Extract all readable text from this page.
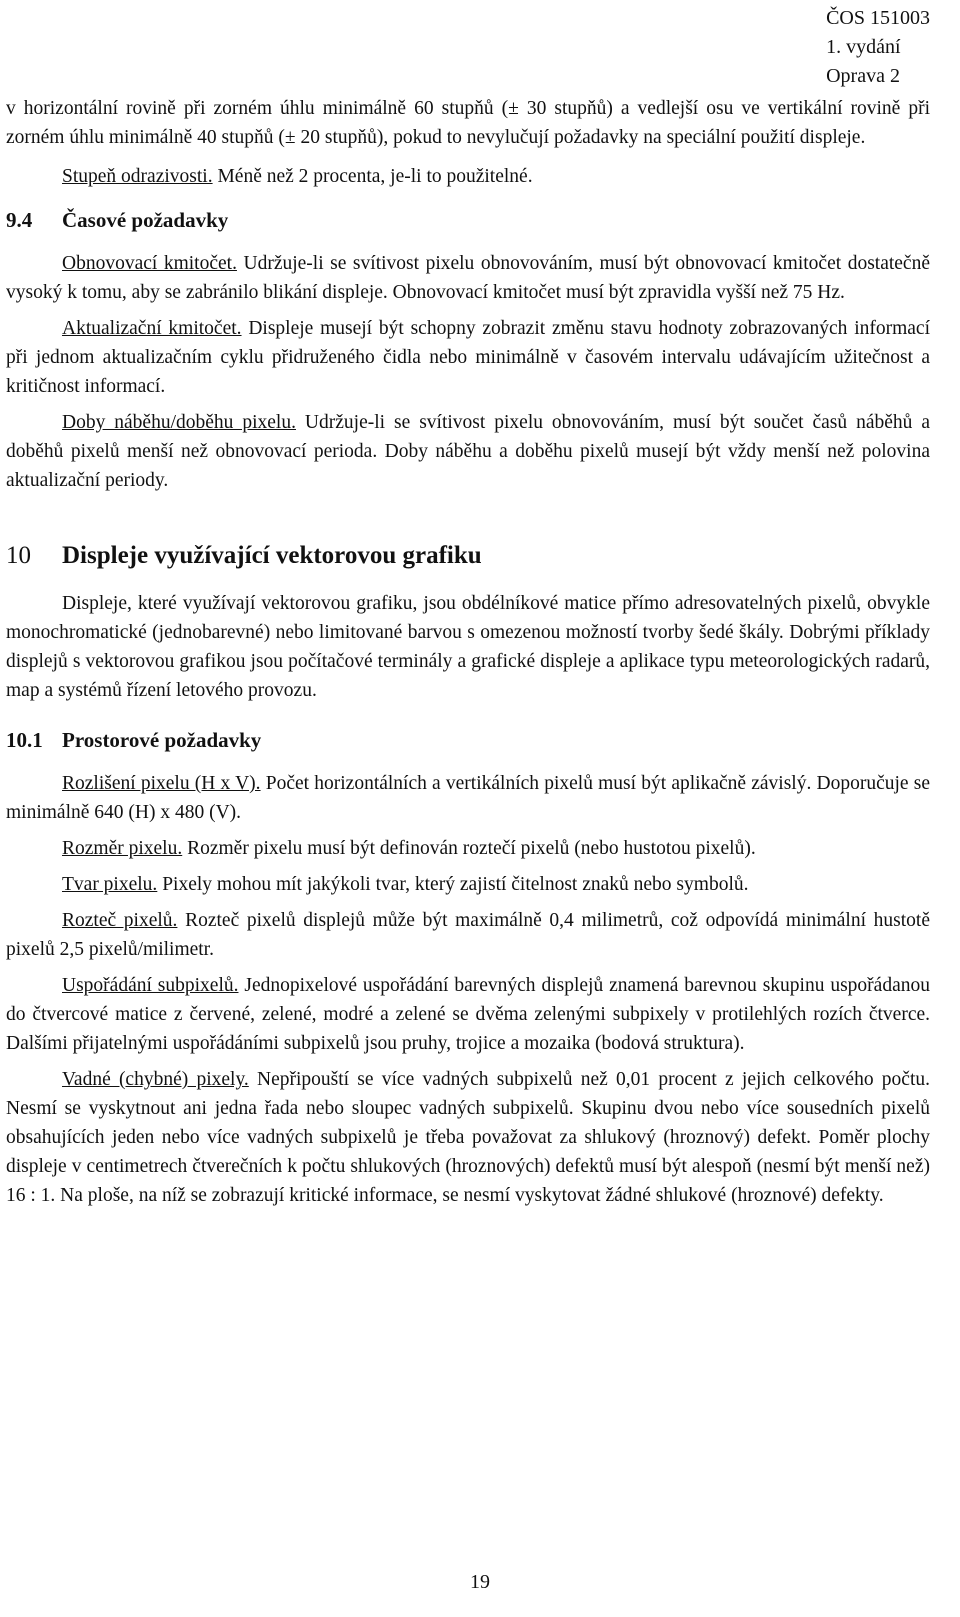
ČOS 151003
1. vydání
Oprava 2

v horizontální rovině při zorném úhlu minimálně 60 stupňů (± 30 stupňů) a vedlejší osu ve vertikální rovině při zorném úhlu minimálně 40 stupňů (± 20 stupňů), pokud to nevylučují požadavky na speciální použití displeje.

Stupeň odrazivosti. Méně než 2 procenta, je-li to použitelné.

9.4	Časové požadavky

Obnovovací kmitočet. Udržuje-li se svítivost pixelu obnovováním, musí být obnovovací kmitočet dostatečně vysoký k tomu, aby se zabránilo blikání displeje. Obnovovací kmitočet musí být zpravidla vyšší než 75 Hz.

Aktualizační kmitočet. Displeje musejí být schopny zobrazit změnu stavu hodnoty zobrazovaných informací při jednom aktualizačním cyklu přidruženého čidla nebo minimálně v časovém intervalu udávajícím užitečnost a kritičnost informací.

Doby náběhu/doběhu pixelu. Udržuje-li se svítivost pixelu obnovováním, musí být součet časů náběhů a doběhů pixelů menší než obnovovací perioda. Doby náběhu a doběhu pixelů musejí být vždy menší než polovina aktualizační periody.

10	Displeje využívající vektorovou grafiku

Displeje, které využívají vektorovou grafiku, jsou obdélníkové matice přímo adresovatelných pixelů, obvykle monochromatické (jednobarevné) nebo limitované barvou s omezenou možností tvorby šedé škály. Dobrými příklady displejů s vektorovou grafikou jsou počítačové terminály a grafické displeje a aplikace typu meteorologických radarů, map a systémů řízení letového provozu.

10.1 Prostorové požadavky

Rozlišení pixelu (H x V). Počet horizontálních a vertikálních pixelů musí být aplikačně závislý. Doporučuje se minimálně 640 (H) x 480 (V).

Rozměr pixelu. Rozměr pixelu musí být definován roztečí pixelů (nebo hustotou pixelů).

Tvar pixelu. Pixely mohou mít jakýkoli tvar, který zajistí čitelnost znaků nebo symbolů.

Rozteč pixelů. Rozteč pixelů displejů může být maximálně 0,4 milimetrů, což odpovídá minimální hustotě pixelů 2,5 pixelů/milimetr.

Uspořádání subpixelů. Jednopixelové uspořádání barevných displejů znamená barevnou skupinu uspořádanou do čtvercové matice z červené, zelené, modré a zelené se dvěma zelenými subpixely v protilehlých rozích čtverce. Dalšími přijatelnými uspořádáními subpixelů jsou pruhy, trojice a mozaika (bodová struktura).

Vadné (chybné) pixely. Nepřipouští se více vadných subpixelů než 0,01 procent z jejich celkového počtu. Nesmí se vyskytnout ani jedna řada nebo sloupec vadných subpixelů. Skupinu dvou nebo více sousedních pixelů obsahujících jeden nebo více vadných subpixelů je třeba považovat za shlukový (hroznový) defekt. Poměr plochy displeje v centimetrech čtverečních k počtu shlukových (hroznových) defektů musí být alespoň (nesmí být menší než) 16 : 1. Na ploše, na níž se zobrazují kritické informace, se nesmí vyskytovat žádné shlukové (hroznové) defekty.

19
